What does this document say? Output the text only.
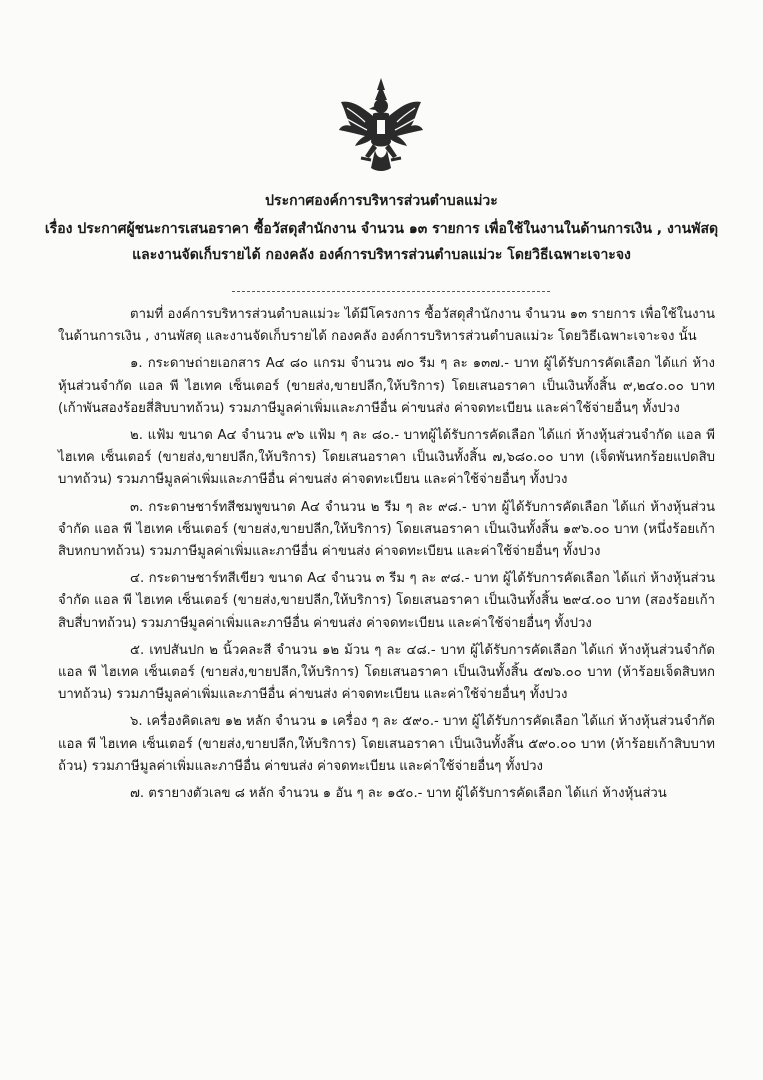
ประกาศองค์การบริหารส่วนตำบลแม่วะ
เรื่อง ประกาศผู้ชนะการเสนอราคา ซื้อวัสดุสำนักงาน จำนวน ๑๓ รายการ เพื่อใช้ในงานในด้านการเงิน , งานพัสดุ และงานจัดเก็บรายได้ กองคลัง องค์การบริหารส่วนตำบลแม่วะ โดยวิธีเฉพาะเจาะจง

ตามที่ องค์การบริหารส่วนตำบลแม่วะ ได้มีโครงการ ซื้อวัสดุสำนักงาน จำนวน ๑๓ รายการ เพื่อใช้ในงานในด้านการเงิน , งานพัสดุ และงานจัดเก็บรายได้ กองคลัง องค์การบริหารส่วนตำบลแม่วะ โดยวิธีเฉพาะเจาะจง นั้น

๑. กระดาษถ่ายเอกสาร A๔ ๘๐ แกรม จำนวน ๗๐ รีม ๆ ละ ๑๓๗.- บาท ผู้ได้รับการคัดเลือก ได้แก่ ห้างหุ้นส่วนจำกัด แอล พี ไฮเทค เซ็นเตอร์ (ขายส่ง,ขายปลีก,ให้บริการ) โดยเสนอราคา เป็นเงินทั้งสิ้น ๙,๒๔๐.๐๐ บาท (เก้าพันสองร้อยสี่สิบบาทถ้วน) รวมภาษีมูลค่าเพิ่มและภาษีอื่น ค่าขนส่ง ค่าจดทะเบียน และค่าใช้จ่ายอื่นๆ ทั้งปวง

๒. แฟ้ม ขนาด A๔ จำนวน ๙๖ แฟ้ม ๆ ละ ๘๐.- บาทผู้ได้รับการคัดเลือก ได้แก่ ห้างหุ้นส่วนจำกัด แอล พี ไฮเทค เซ็นเตอร์ (ขายส่ง,ขายปลีก,ให้บริการ) โดยเสนอราคา เป็นเงินทั้งสิ้น ๗,๖๘๐.๐๐ บาท (เจ็ดพันหกร้อยแปดสิบบาทถ้วน) รวมภาษีมูลค่าเพิ่มและภาษีอื่น ค่าขนส่ง ค่าจดทะเบียน และค่าใช้จ่ายอื่นๆ ทั้งปวง

๓. กระดาษชาร์ทสีชมพูขนาด A๔ จำนวน ๒ รีม ๆ ละ ๙๘.- บาท ผู้ได้รับการคัดเลือก ได้แก่ ห้างหุ้นส่วนจำกัด แอล พี ไฮเทค เซ็นเตอร์ (ขายส่ง,ขายปลีก,ให้บริการ) โดยเสนอราคา เป็นเงินทั้งสิ้น ๑๙๖.๐๐ บาท (หนึ่งร้อยเก้าสิบหกบาทถ้วน) รวมภาษีมูลค่าเพิ่มและภาษีอื่น ค่าขนส่ง ค่าจดทะเบียน และค่าใช้จ่ายอื่นๆ ทั้งปวง

๔. กระดาษชาร์ทสีเขียว ขนาด A๔ จำนวน ๓ รีม ๆ ละ ๙๘.- บาท ผู้ได้รับการคัดเลือก ได้แก่ ห้างหุ้นส่วนจำกัด แอล พี ไฮเทค เซ็นเตอร์ (ขายส่ง,ขายปลีก,ให้บริการ) โดยเสนอราคา เป็นเงินทั้งสิ้น ๒๙๔.๐๐ บาท (สองร้อยเก้าสิบสี่บาทถ้วน) รวมภาษีมูลค่าเพิ่มและภาษีอื่น ค่าขนส่ง ค่าจดทะเบียน และค่าใช้จ่ายอื่นๆ ทั้งปวง

๕. เทปสันปก ๒ นิ้วคละสี จำนวน ๑๒ ม้วน ๆ ละ ๔๘.- บาท ผู้ได้รับการคัดเลือก ได้แก่ ห้างหุ้นส่วนจำกัด แอล พี ไฮเทค เซ็นเตอร์ (ขายส่ง,ขายปลีก,ให้บริการ) โดยเสนอราคา เป็นเงินทั้งสิ้น ๕๗๖.๐๐ บาท (ห้าร้อยเจ็ดสิบหกบาทถ้วน) รวมภาษีมูลค่าเพิ่มและภาษีอื่น ค่าขนส่ง ค่าจดทะเบียน และค่าใช้จ่ายอื่นๆ ทั้งปวง

๖. เครื่องคิดเลข ๑๒ หลัก จำนวน ๑ เครื่อง ๆ ละ ๕๙๐.- บาท ผู้ได้รับการคัดเลือก ได้แก่ ห้างหุ้นส่วนจำกัด แอล พี ไฮเทค เซ็นเตอร์ (ขายส่ง,ขายปลีก,ให้บริการ) โดยเสนอราคา เป็นเงินทั้งสิ้น ๕๙๐.๐๐ บาท (ห้าร้อยเก้าสิบบาทถ้วน) รวมภาษีมูลค่าเพิ่มและภาษีอื่น ค่าขนส่ง ค่าจดทะเบียน และค่าใช้จ่ายอื่นๆ ทั้งปวง

๗. ตรายางตัวเลข ๘ หลัก จำนวน ๑ อัน ๆ ละ ๑๕๐.- บาท ผู้ได้รับการคัดเลือก ได้แก่ ห้างหุ้นส่วน
